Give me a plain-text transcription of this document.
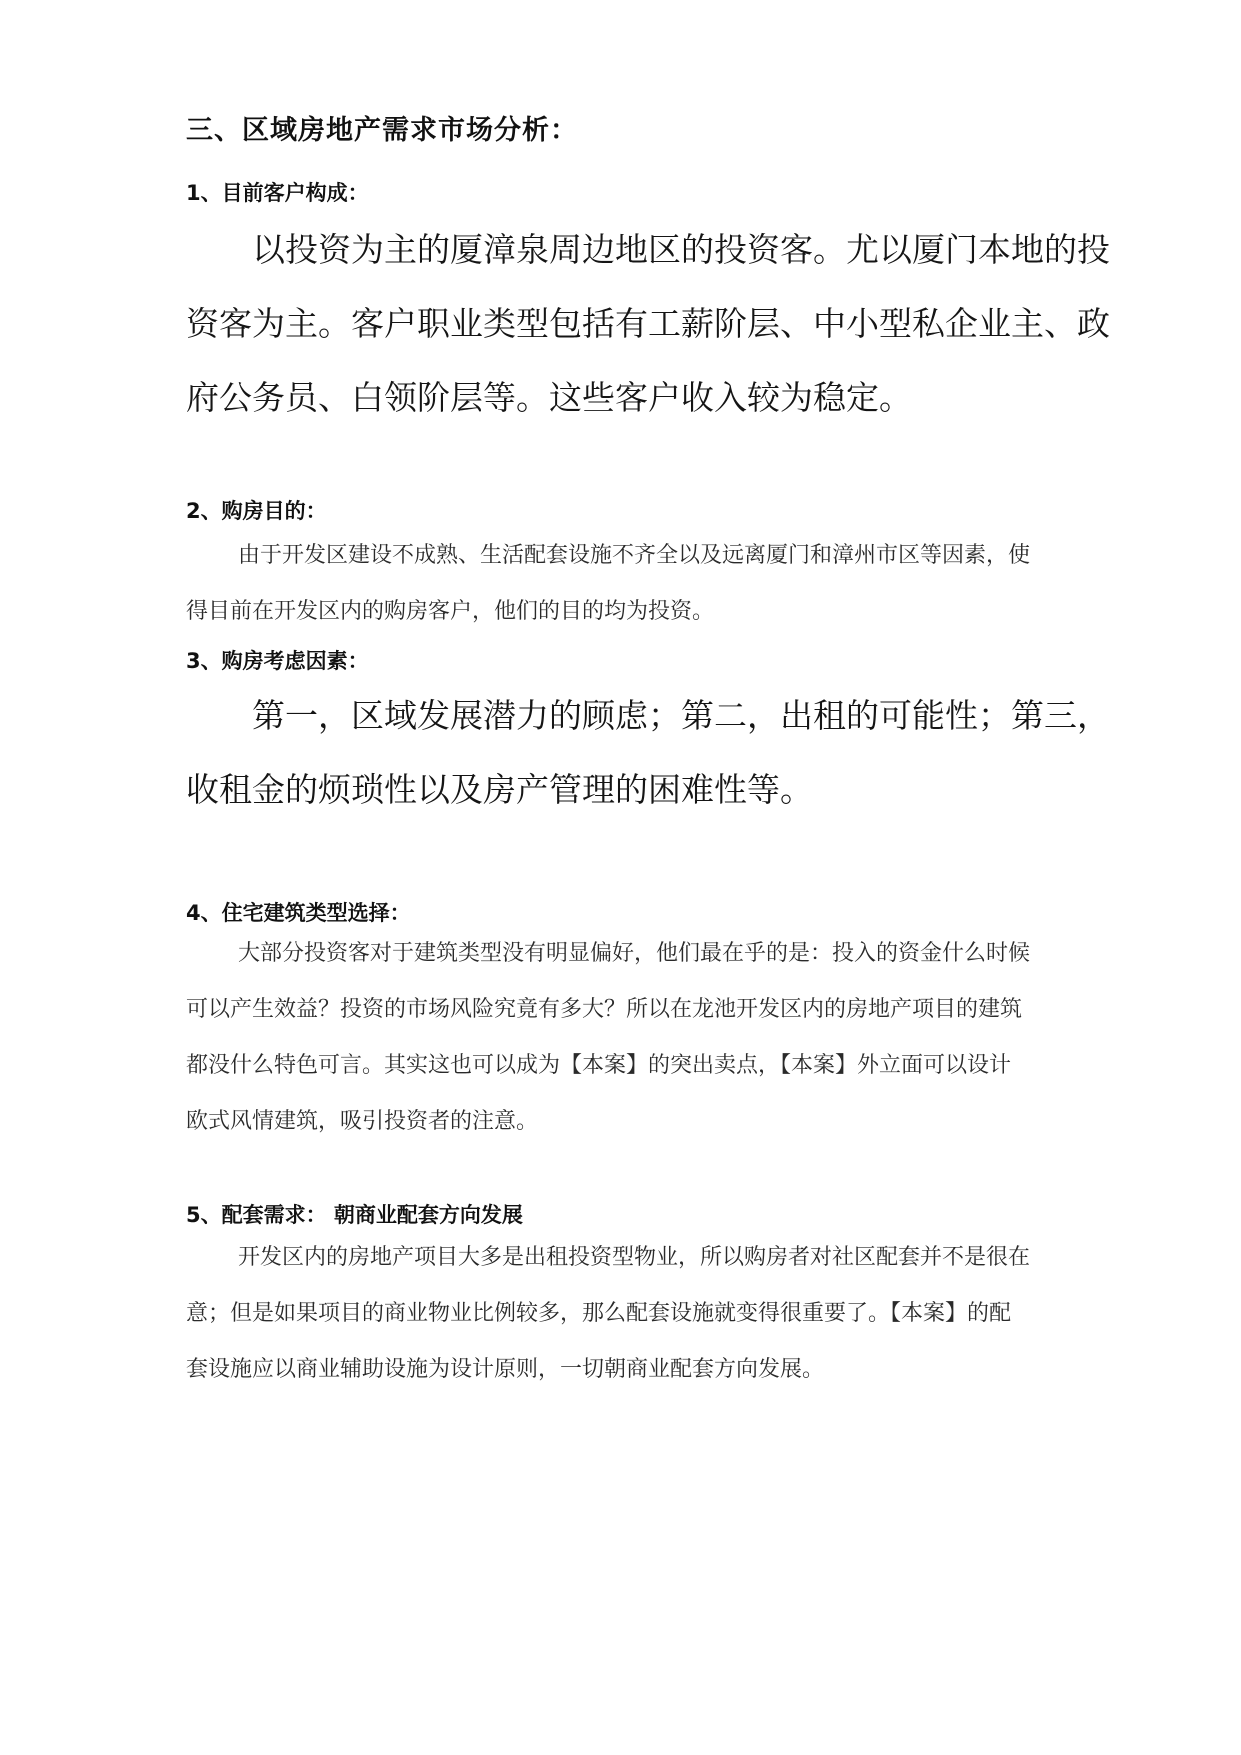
三、区域房地产需求市场分析：
1、目前客户构成：

以投资为主的厦漳泉周边地区的投资客。尤以厦门本地的投
资客为主。客户职业类型包括有工薪阶层、中小型私企业主、政
府公务员、白领阶层等。这些客户收入较为稳定。

2、购房目的：

由于开发区建设不成熟、生活配套设施不齐全以及远离厦门和漳州市区等因素，使
得目前在开发区内的购房客户，他们的目的均为投资。

3、购房考虑因素：

第一，区域发展潜力的顾虑；第二，出租的可能性；第三，
收租金的烦琐性以及房产管理的困难性等。

4、住宅建筑类型选择：

大部分投资客对于建筑类型没有明显偏好，他们最在乎的是：投入的资金什么时候
可以产生效益？投资的市场风险究竟有多大？所以在龙池开发区内的房地产项目的建筑
都没什么特色可言。其实这也可以成为【本案】的突出卖点，【本案】外立面可以设计
欧式风情建筑，吸引投资者的注意。

5、配套需求： 朝商业配套方向发展

开发区内的房地产项目大多是出租投资型物业，所以购房者对社区配套并不是很在
意；但是如果项目的商业物业比例较多，那么配套设施就变得很重要了。【本案】的配
套设施应以商业辅助设施为设计原则，一切朝商业配套方向发展。
